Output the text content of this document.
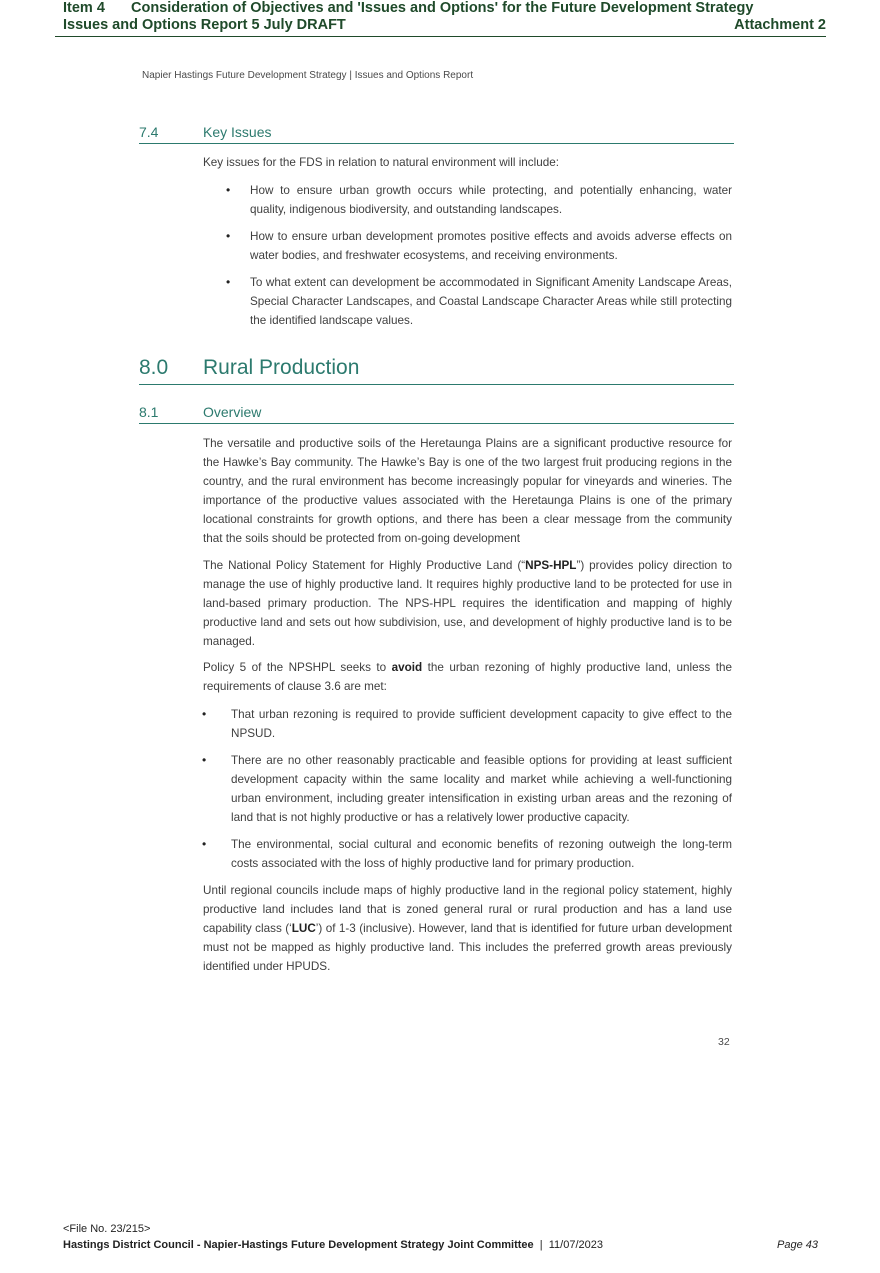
Item 4 Consideration of Objectives and 'Issues and Options' for the Future Development Strategy
Issues and Options Report 5 July DRAFT	Attachment 2
Napier Hastings Future Development Strategy | Issues and Options Report
7.4	Key Issues

Key issues for the FDS in relation to natural environment will include:

• How to ensure urban growth occurs while protecting, and potentially enhancing, water quality, indigenous biodiversity, and outstanding landscapes.
• How to ensure urban development promotes positive effects and avoids adverse effects on water bodies, and freshwater ecosystems, and receiving environments.
• To what extent can development be accommodated in Significant Amenity Landscape Areas, Special Character Landscapes, and Coastal Landscape Character Areas while still protecting the identified landscape values.
8.0 Rural Production
8.1	Overview

The versatile and productive soils of the Heretaunga Plains are a significant productive resource for the Hawke’s Bay community. The Hawke’s Bay is one of the two largest fruit producing regions in the country, and the rural environment has become increasingly popular for vineyards and wineries. The importance of the productive values associated with the Heretaunga Plains is one of the primary locational constraints for growth options, and there has been a clear message from the community that the soils should be protected from on-going development

The National Policy Statement for Highly Productive Land (“NPS-HPL”) provides policy direction to manage the use of highly productive land. It requires highly productive land to be protected for use in land-based primary production. The NPS-HPL requires the identification and mapping of highly productive land and sets out how subdivision, use, and development of highly productive land is to be managed.

Policy 5 of the NPSHPL seeks to avoid the urban rezoning of highly productive land, unless the requirements of clause 3.6 are met:

• That urban rezoning is required to provide sufficient development capacity to give effect to the NPSUD.
• There are no other reasonably practicable and feasible options for providing at least sufficient development capacity within the same locality and market while achieving a well-functioning urban environment, including greater intensification in existing urban areas and the rezoning of land that is not highly productive or has a relatively lower productive capacity.
• The environmental, social cultural and economic benefits of rezoning outweigh the long-term costs associated with the loss of highly productive land for primary production.

Until regional councils include maps of highly productive land in the regional policy statement, highly productive land includes land that is zoned general rural or rural production and has a land use capability class (‘LUC’) of 1-3 (inclusive). However, land that is identified for future urban development must not be mapped as highly productive land. This includes the preferred growth areas previously identified under HPUDS.

32
<File No. 23/215>
Hastings District Council - Napier-Hastings Future Development Strategy Joint Committee | 11/07/2023	Page 43
